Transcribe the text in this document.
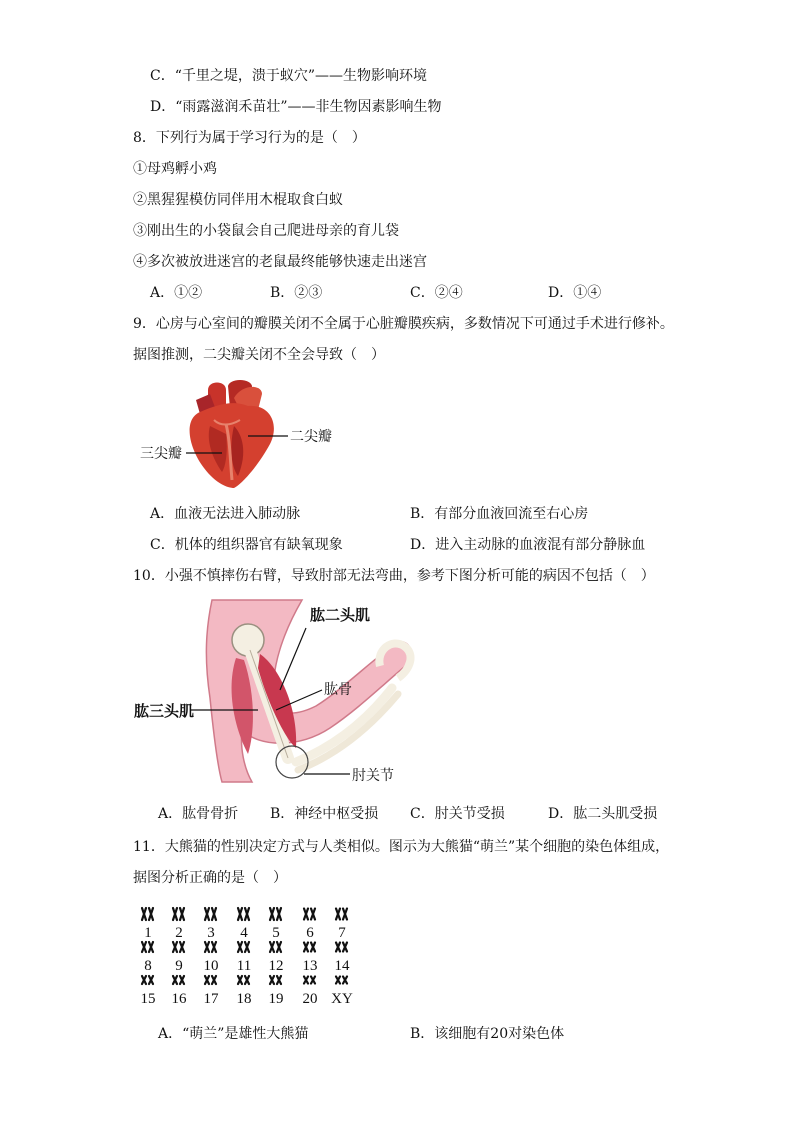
C．“千里之堤，溃于蚁穴”——生物影响环境
D．“雨露滋润禾苗壮”——非生物因素影响生物
8．下列行为属于学习行为的是（　）
①母鸡孵小鸡
②黑猩猩模仿同伴用木棍取食白蚁
③刚出生的小袋鼠会自己爬进母亲的育儿袋
④多次被放进迷宫的老鼠最终能够快速走出迷宫
A．①②	B．②③	C．②④	D．①④
9．心房与心室间的瓣膜关闭不全属于心脏瓣膜疾病，多数情况下可通过手术进行修补。
据图推测，二尖瓣关闭不全会导致（　）
三尖瓣
二尖瓣
A．血液无法进入肺动脉	B．有部分血液回流至右心房
C．机体的组织器官有缺氧现象	D．进入主动脉的血液混有部分静脉血
10．小强不慎摔伤右臂，导致肘部无法弯曲，参考下图分析可能的病因不包括（　）
肱二头肌
肱骨
肱三头肌
肘关节
A．肱骨骨折 B．神经中枢受损 C．肘关节受损	D．肱二头肌受损
11．大熊猫的性别决定方式与人类相似。图示为大熊猫“萌兰”某个细胞的染色体组成，
据图分析正确的是（　）
1 2 3 4 5 6 7
8 9 10 11 12 13 14
15 16 17 18 19 20 XY
A．“萌兰”是雄性大熊猫	B．该细胞有20对染色体
